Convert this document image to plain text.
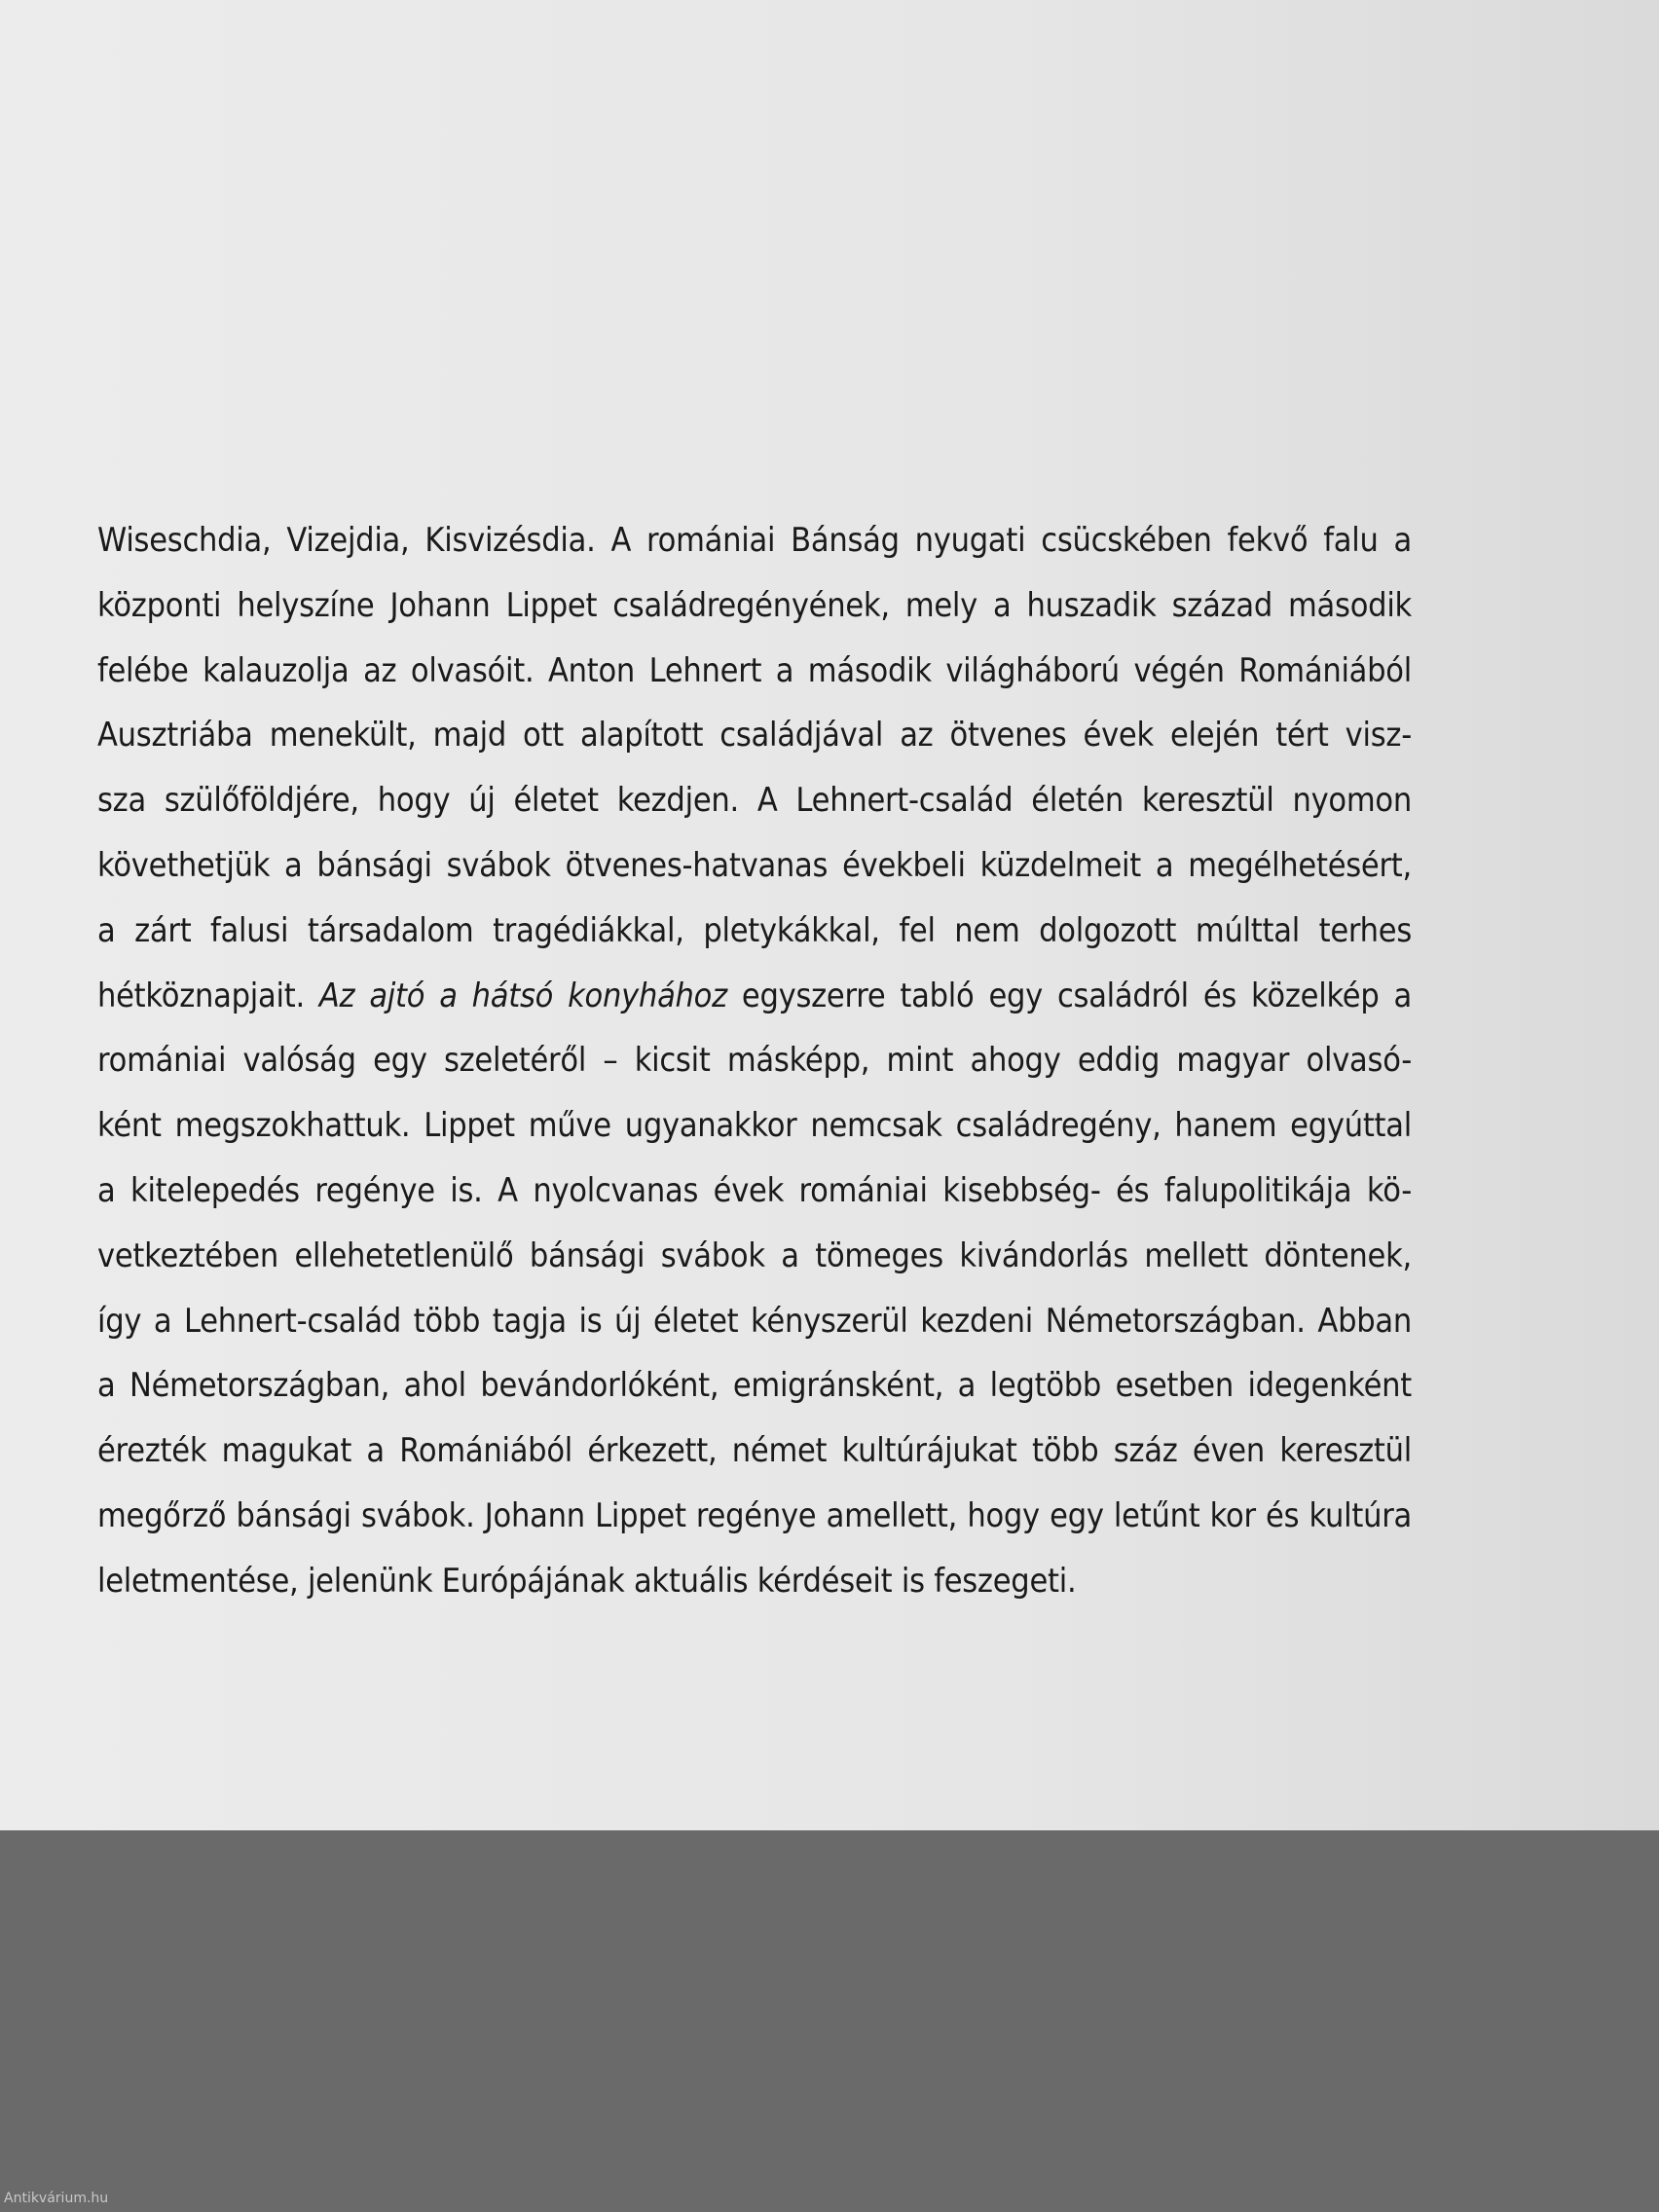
Wiseschdia, Vizejdia, Kisvizésdia. A romániai Bánság nyugati csücskében fekvő falu a
központi helyszíne Johann Lippet családregényének, mely a huszadik század második
felébe kalauzolja az olvasóit. Anton Lehnert a második világháború végén Romániából
Ausztriába menekült, majd ott alapított családjával az ötvenes évek elején tért visz-
sza szülőföldjére, hogy új életet kezdjen. A Lehnert-család életén keresztül nyomon
követhetjük a bánsági svábok ötvenes-hatvanas évekbeli küzdelmeit a megélhetésért,
a zárt falusi társadalom tragédiákkal, pletykákkal, fel nem dolgozott múlttal terhes
hétköznapjait. Az ajtó a hátsó konyhához egyszerre tabló egy családról és közelkép a
romániai valóság egy szeletéről – kicsit másképp, mint ahogy eddig magyar olvasó-
ként megszokhattuk. Lippet műve ugyanakkor nemcsak családregény, hanem egyúttal
a kitelepedés regénye is. A nyolcvanas évek romániai kisebbség- és falupolitikája kö-
vetkeztében ellehetetlenülő bánsági svábok a tömeges kivándorlás mellett döntenek,
így a Lehnert-család több tagja is új életet kényszerül kezdeni Németországban. Abban
a Németországban, ahol bevándorlóként, emigránsként, a legtöbb esetben idegenként
érezték magukat a Romániából érkezett, német kultúrájukat több száz éven keresztül
megőrző bánsági svábok. Johann Lippet regénye amellett, hogy egy letűnt kor és kultúra
leletmentése, jelenünk Európájának aktuális kérdéseit is feszegeti.
Antikvárium.hu
